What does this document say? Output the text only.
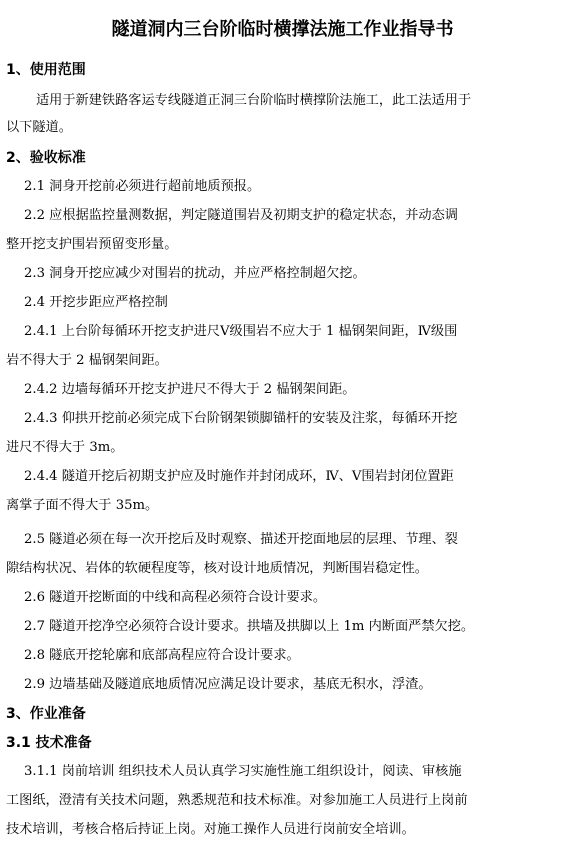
隧道洞内三台阶临时横撑法施工作业指导书
1、使用范围
适用于新建铁路客运专线隧道正洞三台阶临时横撑阶法施工，此工法适用于
以下隧道。
2、验收标准
2.1 洞身开挖前必须进行超前地质预报。
2.2 应根据监控量测数据，判定隧道围岩及初期支护的稳定状态，并动态调
整开挖支护围岩预留变形量。
2.3 洞身开挖应减少对围岩的扰动，并应严格控制超欠挖。
2.4 开挖步距应严格控制
2.4.1 上台阶每循环开挖支护进尺Ⅴ级围岩不应大于 1 榀钢架间距，Ⅳ级围
岩不得大于 2 榀钢架间距。
2.4.2 边墙每循环开挖支护进尺不得大于 2 榀钢架间距。
2.4.3 仰拱开挖前必须完成下台阶钢架锁脚锚杆的安装及注浆，每循环开挖
进尺不得大于 3m。
2.4.4 隧道开挖后初期支护应及时施作并封闭成环，Ⅳ、Ⅴ围岩封闭位置距
离掌子面不得大于 35m。
2.5 隧道必须在每一次开挖后及时观察、描述开挖面地层的层理、节理、裂
隙结构状况、岩体的软硬程度等，核对设计地质情况，判断围岩稳定性。
2.6 隧道开挖断面的中线和高程必须符合设计要求。
2.7 隧道开挖净空必须符合设计要求。拱墙及拱脚以上 1m 内断面严禁欠挖。
2.8 隧底开挖轮廓和底部高程应符合设计要求。
2.9 边墙基础及隧道底地质情况应满足设计要求，基底无积水，浮渣。
3、作业准备
3.1 技术准备
3.1.1 岗前培训 组织技术人员认真学习实施性施工组织设计，阅读、审核施
工图纸，澄清有关技术问题，熟悉规范和技术标准。对参加施工人员进行上岗前
技术培训，考核合格后持证上岗。对施工操作人员进行岗前安全培训。
